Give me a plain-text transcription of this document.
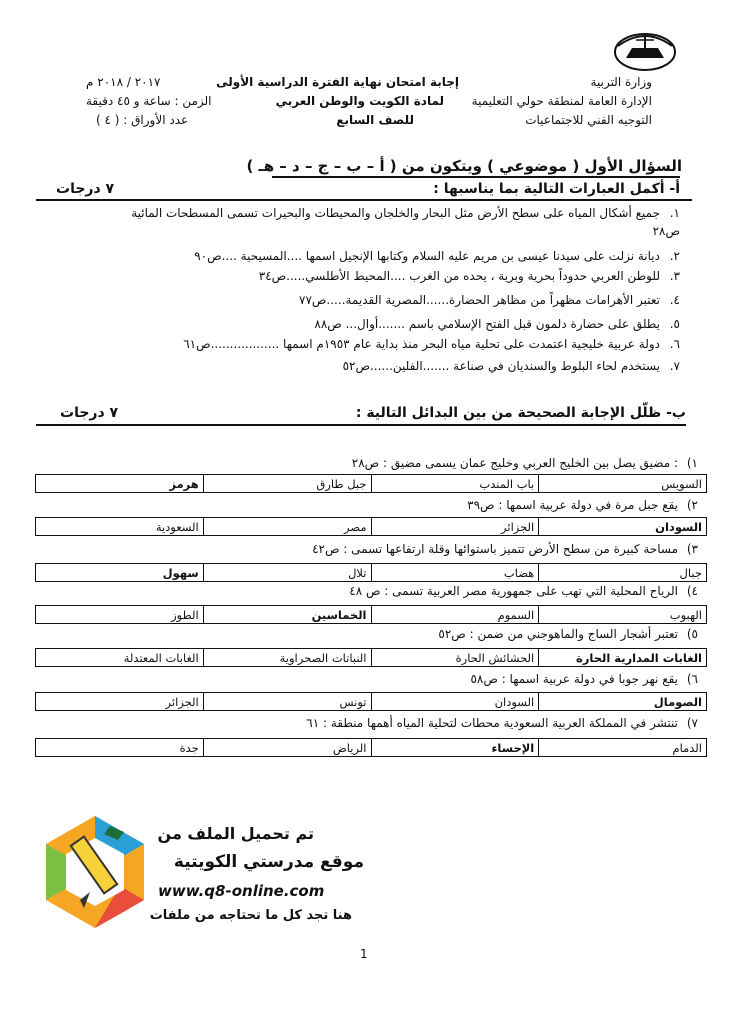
وزارة التربية
الإدارة العامة لمنطقة حولي التعليمية
التوجيه الفني للاجتماعيات
إجابة امتحان نهاية الفترة الدراسية الأولى
لمادة الكويت والوطن العربي
للصف السابع
٢٠١٧ / ٢٠١٨ م
الزمن : ساعة و ٤٥ دقيقة
عدد الأوراق : ( ٤ )
السؤال الأول ( موضوعي ) ويتكون من ( أ – ب – ج – د – هـ )
أ- أكمل العبارات التالية بما يناسبها :
٧ درجات
١.جميع أشكال المياه على سطح الأرض مثل البحار والخلجان والمحيطات والبحيرات تسمى المسطحات المائية
ص٢٨
٢.ديانة نزلت على سيدنا عيسى بن مريم عليه السلام وكتابها الإنجيل اسمها ....المسيحية ....ص٩٠
٣.للوطن العربي حدوداً بحرية وبرية ، يحده من الغرب ....المحيط الأطلسي.....ص٣٤
٤.تعتبر الأهرامات مظهراً من مظاهر الحضارة......المصرية القديمة.....ص٧٧
٥.يطلق على حضارة دلمون قبل الفتح الإسلامي باسم .......أوال... ص٨٨
٦.دولة عربية خليجية اعتمدت على تحلية مياه البحر منذ بداية عام ١٩٥٣م اسمها ..................ص٦١
٧.يستخدم لحاء البلوط والسنديان في صناعة .......الفلين......ص٥٢
ب- ظلّل الإجابة الصحيحة من بين البدائل التالية :
٧ درجات
١): مضيق يصل بين الخليج العربي وخليج عمان يسمى مضيق : ص٢٨
السويس	باب المندب	جبل طارق	هرمز
٢)يقع جبل مرة في دولة عربية اسمها : ص٣٩
السودان	الجزائر	مصر	السعودية
٣)مساحة كبيرة من سطح الأرض تتميز باستوائها وقلة ارتفاعها تسمى : ص٤٢
جبال	هضاب	تلال	سهول
٤)الرياح المحلية التي تهب على جمهورية مصر العربية تسمى : ص ٤٨
الهبوب	السموم	الخماسين	الطوز
٥)تعتبر أشجار الساج والماهوجني من ضمن : ص٥٢
الغابات المدارية الحارة	الحشائش الحارة	النباتات الصحراوية	الغابات المعتدلة
٦)يقع نهر جوبا في دولة عربية اسمها : ص٥٨
الصومال	السودان	تونس	الجزائر
٧)تنتشر في المملكة العربية السعودية محطات لتحلية المياه أهمها منطقة : ٦١
الدمام	الإحساء	الرياض	جدة
تم تحميل الملف من
موقع مدرستي الكويتية
www.q8-online.com
هنا تجد كل ما تحتاجه من ملفات
1
